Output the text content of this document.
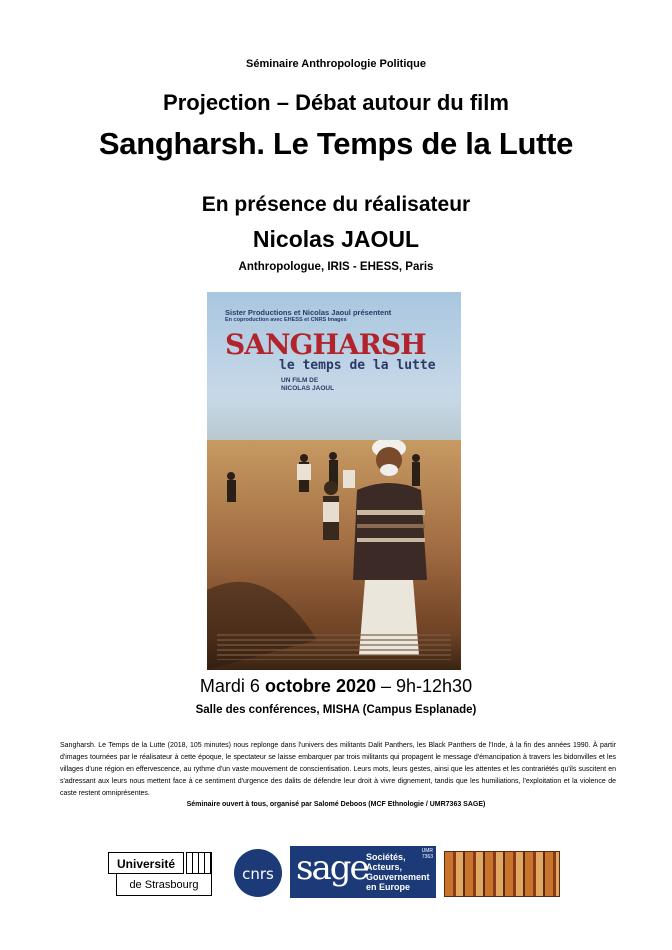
Séminaire Anthropologie Politique
Projection – Débat autour du film
Sangharsh. Le Temps de la Lutte
En présence du réalisateur
Nicolas JAOUL
Anthropologue, IRIS - EHESS, Paris
Sister Productions et Nicolas Jaoul présentent
En coproduction avec EHESS et CNRS Images
SANGHARSH
le temps de la lutte
UN FILM DE
NICOLAS JAOUL
Mardi 6 octobre 2020 – 9h-12h30
Salle des conférences, MISHA (Campus Esplanade)
Sangharsh. Le Temps de la Lutte (2018, 105 minutes) nous replonge dans l'univers des militants Dalit Panthers, les Black Panthers de l'Inde, à la fin des années 1990. À partir d'images tournées par le réalisateur à cette époque, le spectateur se laisse embarquer par trois militants qui propagent le message d'émancipation à travers les bidonvilles et les villages d'une région en effervescence, au rythme d'un vaste mouvement de conscientisation. Leurs mots, leurs gestes, ainsi que les attentes et les contrariétés qu'ils suscitent en s'adressant aux leurs nous mettent face à ce sentiment d'urgence des dalits de défendre leur droit à vivre dignement, tandis que les humiliations, l'exploitation et la violence de caste restent omniprésentes.
Séminaire ouvert à tous, organisé par Salomé Deboos (MCF Ethnologie / UMR7363 SAGE)
Université
de Strasbourg
cnrs sage
Sociétés,
Acteurs,
Gouvernement
en Europe
UMR
7363
